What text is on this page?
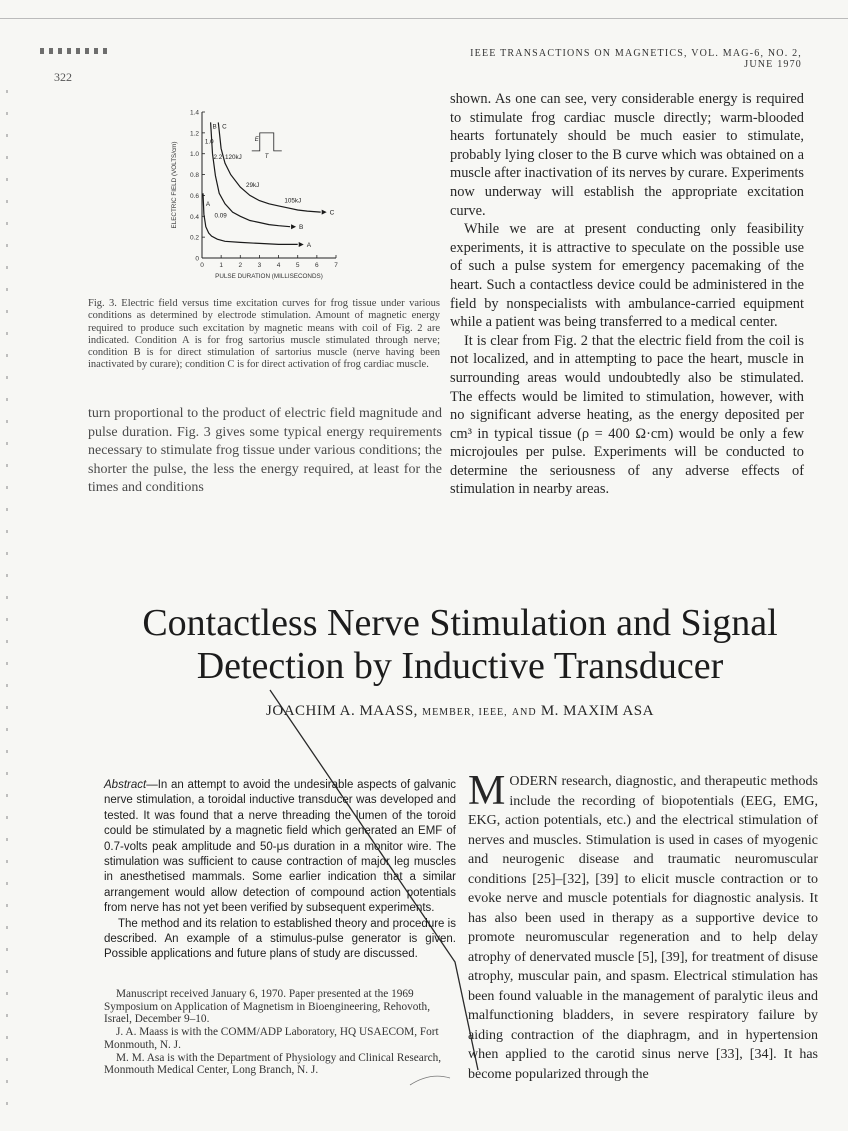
322
IEEE TRANSACTIONS ON MAGNETICS, VOL. MAG-6, NO. 2, JUNE 1970
0
0.2
0.4
0.6
0.8
1.0
1.2
1.4
0 1 2 3 4 5 6 7
PULSE DURATION (MILLISECONDS)
ELECTRIC FIELD (VOLTS/cm)
A
B
C
B C
1.0
2.2 120kJ
29kJ
105kJ
A
0.09
E
T
Fig. 3. Electric field versus time excitation curves for frog tissue under various conditions as determined by electrode stimulation. Amount of magnetic energy required to produce such excitation by magnetic means with coil of Fig. 2 are indicated. Condition A is for frog sartorius muscle stimulated through nerve; condition B is for direct stimulation of sartorius muscle (nerve having been inactivated by curare); condition C is for direct activation of frog cardiac muscle.

turn proportional to the product of electric field magnitude and pulse duration. Fig. 3 gives some typical energy requirements necessary to stimulate frog tissue under various conditions; the shorter the pulse, the less the energy required, at least for the times and conditions

shown. As one can see, very considerable energy is required to stimulate frog cardiac muscle directly; warm-blooded hearts fortunately should be much easier to stimulate, probably lying closer to the B curve which was obtained on a muscle after inactivation of its nerves by curare. Experiments now underway will establish the appropriate excitation curve.

While we are at present conducting only feasibility experiments, it is attractive to speculate on the possible use of such a pulse system for emergency pacemaking of the heart. Such a contactless device could be administered in the field by nonspecialists with ambulance-carried equipment while a patient was being transferred to a medical center.

It is clear from Fig. 2 that the electric field from the coil is not localized, and in attempting to pace the heart, muscle in surrounding areas would undoubtedly also be stimulated. The effects would be limited to stimulation, however, with no significant adverse heating, as the energy deposited per cm³ in typical tissue (ρ = 400 Ω·cm) would be only a few microjoules per pulse. Experiments will be conducted to determine the seriousness of any adverse effects of stimulation in nearby areas.

Contactless Nerve Stimulation and Signal
Detection by Inductive Transducer
JOACHIM A. MAASS, MEMBER, IEEE, AND M. MAXIM ASA

Abstract—In an attempt to avoid the undesirable aspects of galvanic nerve stimulation, a toroidal inductive transducer was developed and tested. It was found that a nerve threading the lumen of the toroid could be stimulated by a magnetic field which generated an EMF of 0.7-volts peak amplitude and 50-μs duration in a monitor wire. The stimulation was sufficient to cause contraction of major leg muscles in anesthetised mammals. Some earlier indication that a similar arrangement would allow detection of compound action potentials from nerve has not yet been verified by subsequent experiments.

The method and its relation to established theory and procedure is described. An example of a stimulus-pulse generator is given. Possible applications and future plans of study are discussed.

Manuscript received January 6, 1970. Paper presented at the 1969 Symposium on Application of Magnetism in Bioengineering, Rehovoth, Israel, December 9–10.

J. A. Maass is with the COMM/ADP Laboratory, HQ USAECOM, Fort Monmouth, N. J.

M. M. Asa is with the Department of Physiology and Clinical Research, Monmouth Medical Center, Long Branch, N. J.

MODERN research, diagnostic, and therapeutic methods include the recording of biopotentials (EEG, EMG, EKG, action potentials, etc.) and the electrical stimulation of nerves and muscles. Stimulation is used in cases of myogenic and neurogenic disease and traumatic neuromuscular conditions [25]–[32], [39] to elicit muscle contraction or to evoke nerve and muscle potentials for diagnostic analysis. It has also been used in therapy as a supportive device to promote neuromuscular regeneration and to help delay atrophy of denervated muscle [5], [39], for treatment of disuse atrophy, muscular pain, and spasm. Electrical stimulation has been found valuable in the management of paralytic ileus and malfunctioning bladders, in severe respiratory failure by aiding contraction of the diaphragm, and in hypertension when applied to the carotid sinus nerve [33], [34]. It has become popularized through the
